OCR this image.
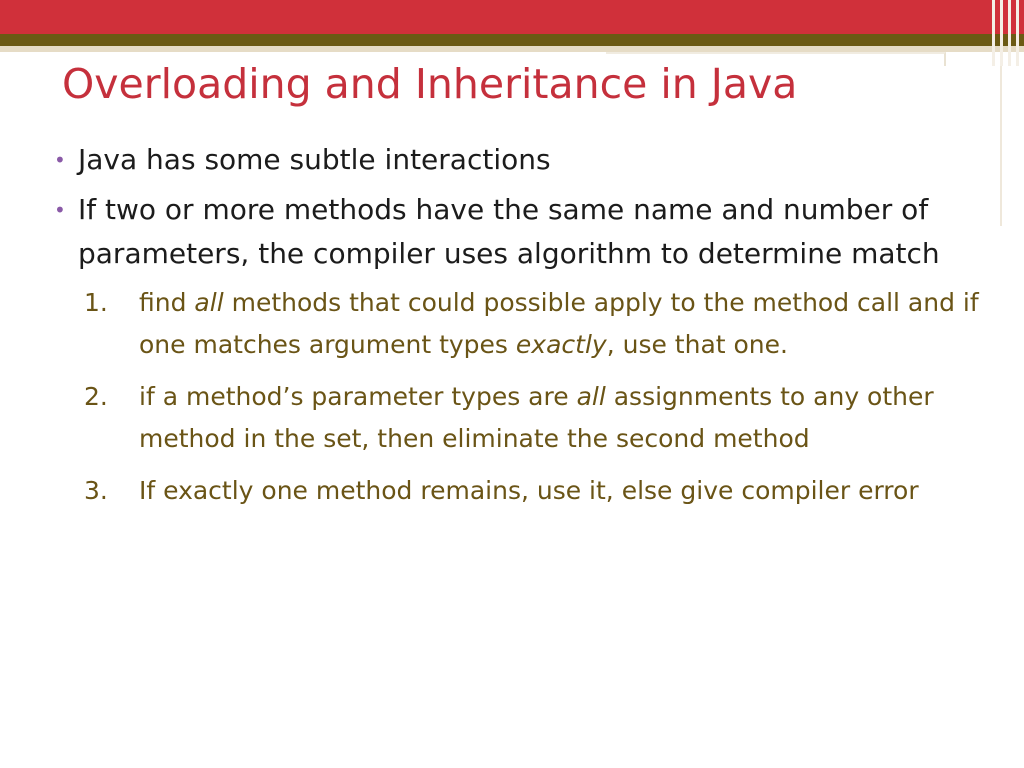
Overloading and Inheritance in Java
• Java has some subtle interactions
• If two or more methods have the same name and number of parameters, the compiler uses algorithm to determine match
1. find all methods that could possible apply to the method call and if one matches argument types exactly, use that one.
2. if a method’s parameter types are all assignments to any other method in the set, then eliminate the second method
3. If exactly one method remains, use it, else give compiler error
